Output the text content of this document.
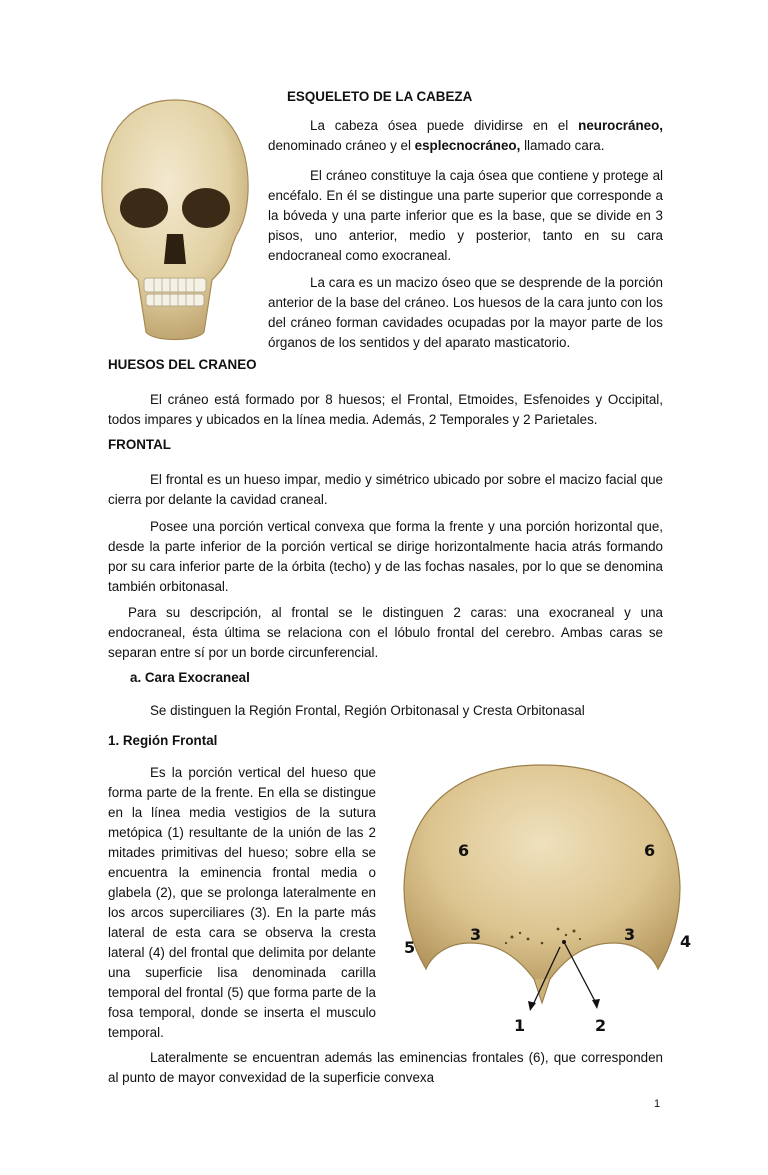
ESQUELETO DE LA CABEZA

La cabeza ósea puede dividirse en el neurocráneo, denominado cráneo y el esplecnocráneo, llamado cara.

El cráneo constituye la caja ósea que contiene y protege al encéfalo. En él se distingue una parte superior que corresponde a la bóveda y una parte inferior que es la base, que se divide en 3 pisos, uno anterior, medio y posterior, tanto en su cara endocraneal como exocraneal.

La cara es un macizo óseo que se desprende de la porción anterior de la base del cráneo. Los huesos de la cara junto con los del cráneo forman cavidades ocupadas por la mayor parte de los órganos de los sentidos y del aparato masticatorio.

HUESOS DEL CRANEO

El cráneo está formado por 8 huesos; el Frontal, Etmoides, Esfenoides y Occipital, todos impares y ubicados en la línea media. Además, 2 Temporales y 2 Parietales.

FRONTAL

El frontal es un hueso impar, medio y simétrico ubicado por sobre el macizo facial que cierra por delante la cavidad craneal.

Posee una porción vertical convexa que forma la frente y una porción horizontal que, desde la parte inferior de la porción vertical se dirige horizontalmente hacia atrás formando por su cara inferior parte de la órbita (techo) y de las fochas nasales, por lo que se denomina también orbitonasal.

Para su descripción, al frontal se le distinguen 2 caras: una exocraneal y una endocraneal, ésta última se relaciona con el lóbulo frontal del cerebro. Ambas caras se separan entre sí por un borde circunferencial.

a. Cara Exocraneal

Se distinguen la Región Frontal, Región Orbitonasal y Cresta Orbitonasal

1. Región Frontal

Es la porción vertical del hueso que forma parte de la frente. En ella se distingue en la línea media vestigios de la sutura metópica (1) resultante de la unión de las 2 mitades primitivas del hueso; sobre ella se encuentra la eminencia frontal media o glabela (2), que se prolonga lateralmente en los arcos superciliares (3). En la parte más lateral de esta cara se observa la cresta lateral (4) del frontal que delimita por delante una superficie lisa denominada carilla temporal del frontal (5) que forma parte de la fosa temporal, donde se inserta el musculo temporal.

6	6
3	3
5	4
1	2

Lateralmente se encuentran además las eminencias frontales (6), que corresponden al punto de mayor convexidad de la superficie convexa

1
